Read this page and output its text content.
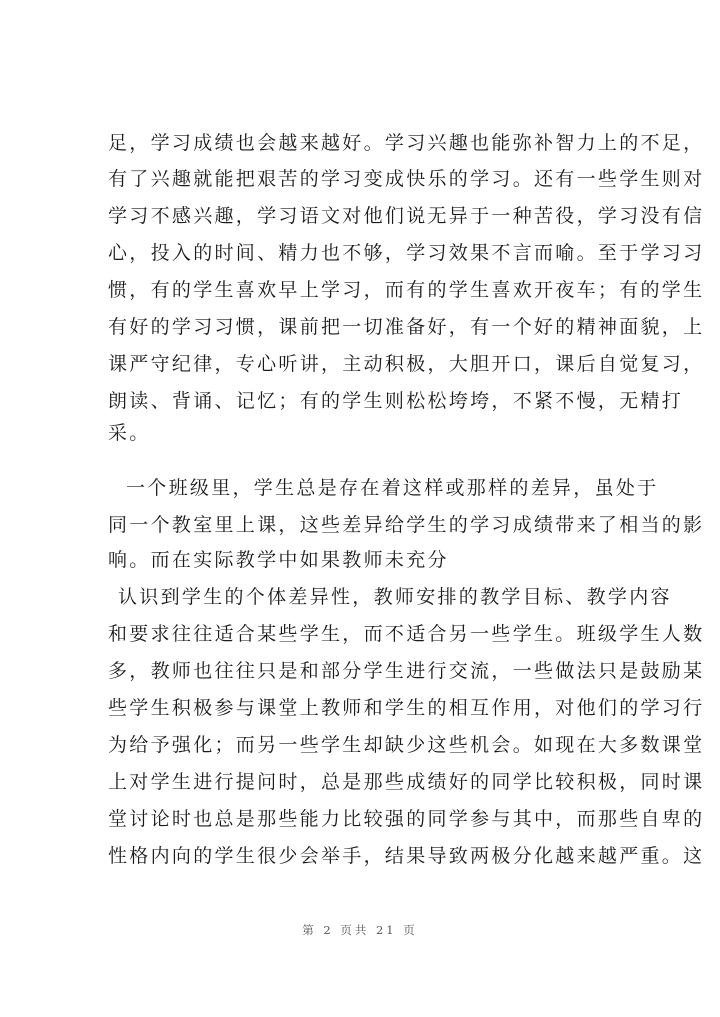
足，学习成绩也会越来越好。学习兴趣也能弥补智力上的不足，
有了兴趣就能把艰苦的学习变成快乐的学习。还有一些学生则对
学习不感兴趣，学习语文对他们说无异于一种苦役，学习没有信
心，投入的时间、精力也不够，学习效果不言而喻。至于学习习
惯，有的学生喜欢早上学习，而有的学生喜欢开夜车；有的学生
有好的学习习惯，课前把一切准备好，有一个好的精神面貌，上
课严守纪律，专心听讲，主动积极，大胆开口，课后自觉复习，
朗读、背诵、记忆；有的学生则松松垮垮，不紧不慢，无精打
采。
一个班级里，学生总是存在着这样或那样的差异，虽处于
同一个教室里上课，这些差异给学生的学习成绩带来了相当的影
响。而在实际教学中如果教师未充分
认识到学生的个体差异性，教师安排的教学目标、教学内容
和要求往往适合某些学生，而不适合另一些学生。班级学生人数
多，教师也往往只是和部分学生进行交流，一些做法只是鼓励某
些学生积极参与课堂上教师和学生的相互作用，对他们的学习行
为给予强化；而另一些学生却缺少这些机会。如现在大多数课堂
上对学生进行提问时，总是那些成绩好的同学比较积极，同时课
堂讨论时也总是那些能力比较强的同学参与其中，而那些自卑的
性格内向的学生很少会举手，结果导致两极分化越来越严重。这
第 2 页共 21 页
